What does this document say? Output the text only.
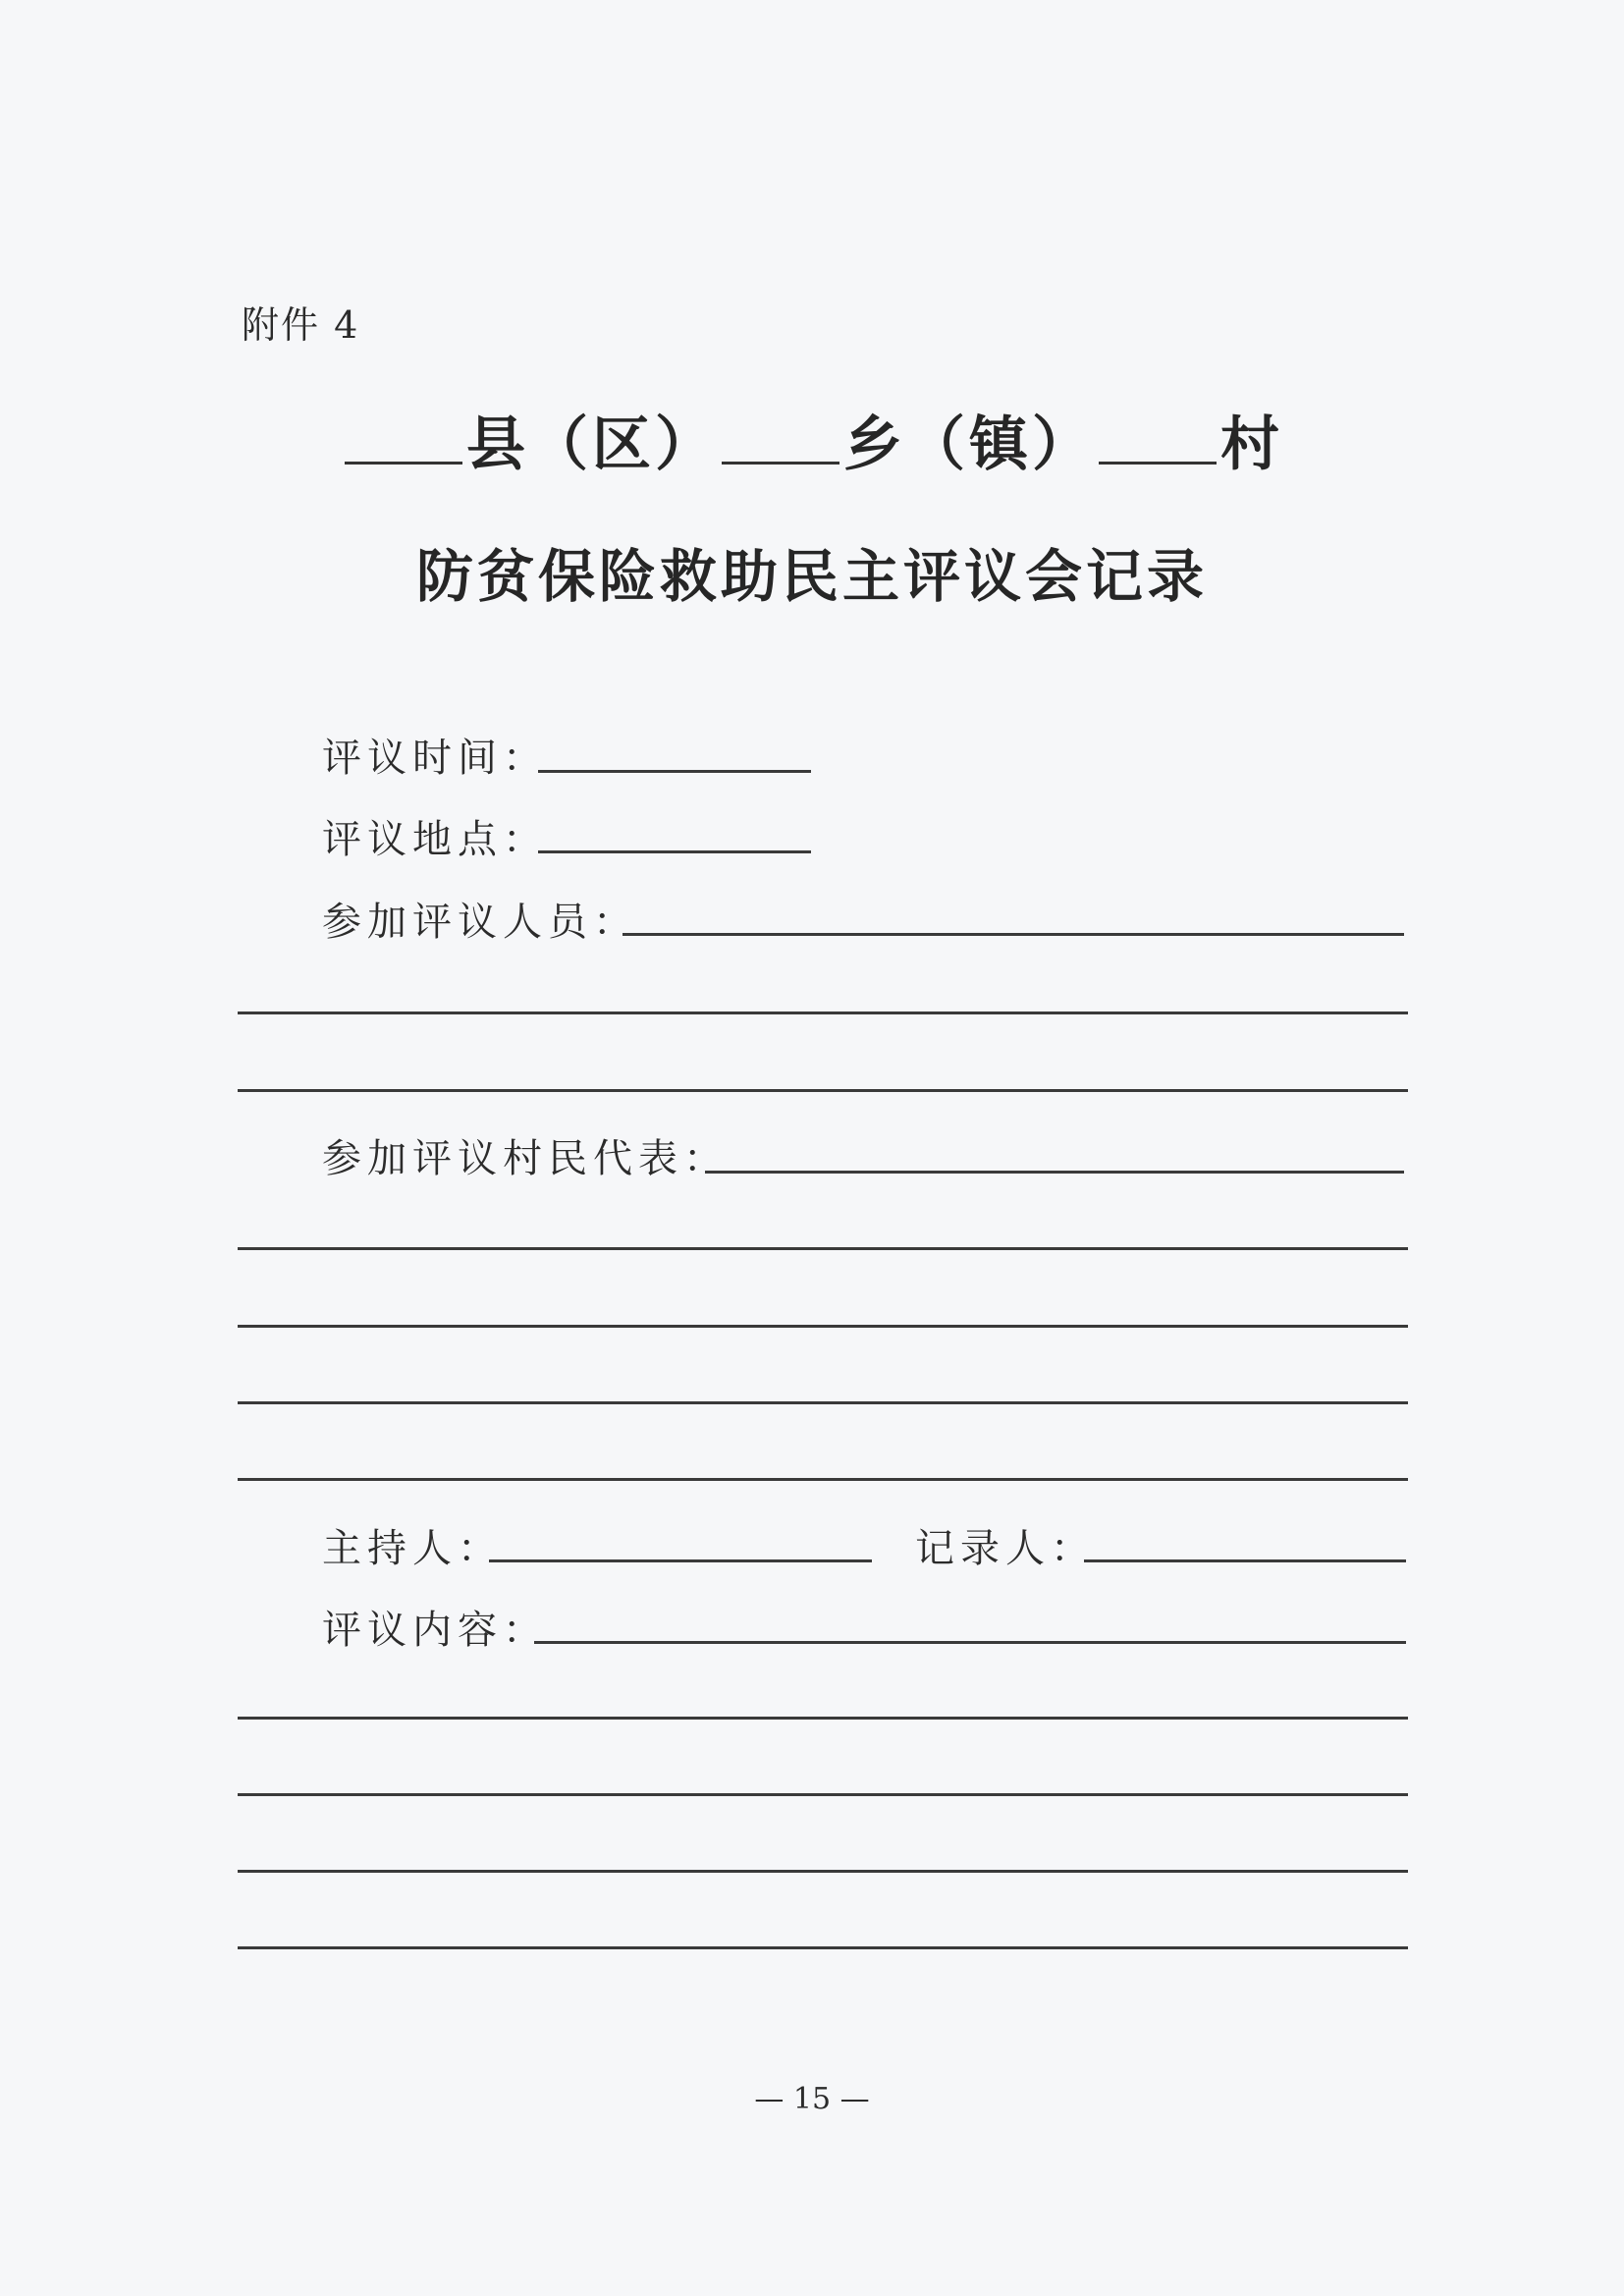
附件 4
县（区） 乡（镇） 村
防贫保险救助民主评议会记录
评议时间：
评议地点：
参加评议人员：
参加评议村民代表：
主持人：	记录人：
评议内容：
— 15 —
